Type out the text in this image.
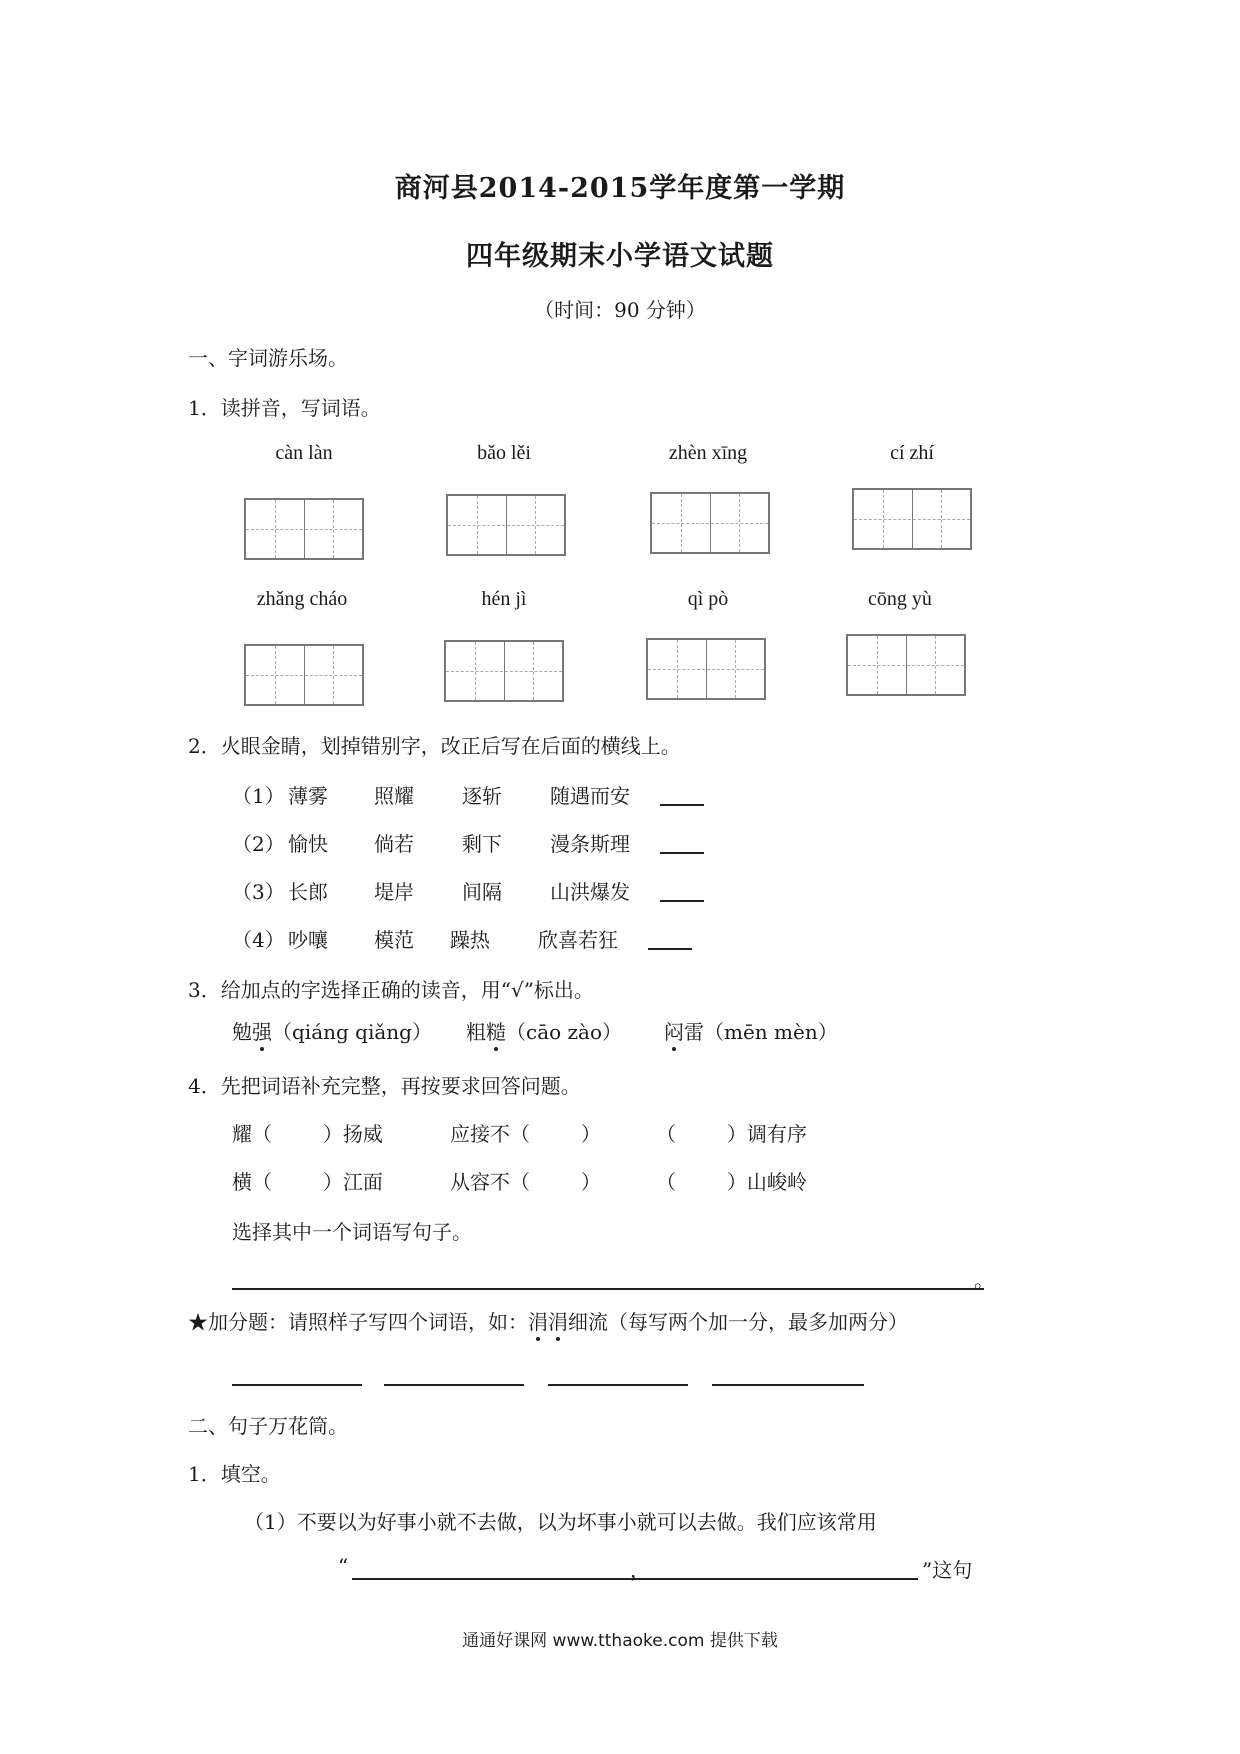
商河县2014-2015学年度第一学期
四年级期末小学语文试题
（时间：90 分钟）
一、字词游乐场。
1．读拼音，写词语。
càn làn	bǎo lěi	zhèn xīng	cí zhí
zhǎng cháo	hén jì	qì pò	cōng yù
2．火眼金睛，划掉错别字，改正后写在后面的横线上。
（1） 薄雾 照耀 逐斩 随遇而安
（2） 愉快 倘若 剩下 漫条斯理
（3） 长郎 堤岸 间隔 山洪爆发
（4） 吵嚷 模范 躁热 欣喜若狂
3．给加点的字选择正确的读音，用“√”标出。
勉强（qiáng qiǎng） 粗糙（cāo zào） 闷雷（mēn mèn）
4．先把词语补充完整，再按要求回答问题。
耀（        ）扬威	应接不（        ）	（        ）调有序
横（        ）江面	从容不（        ）	（        ）山峻岭
选择其中一个词语写句子。
。
★加分题：请照样子写四个词语，如：涓涓细流（每写两个加一分，最多加两分）
二、句子万花筒。
1．填空。
（1）不要以为好事小就不去做，以为坏事小就可以去做。我们应该常用
“	，	”这句
通通好课网 www.tthaoke.com 提供下载
